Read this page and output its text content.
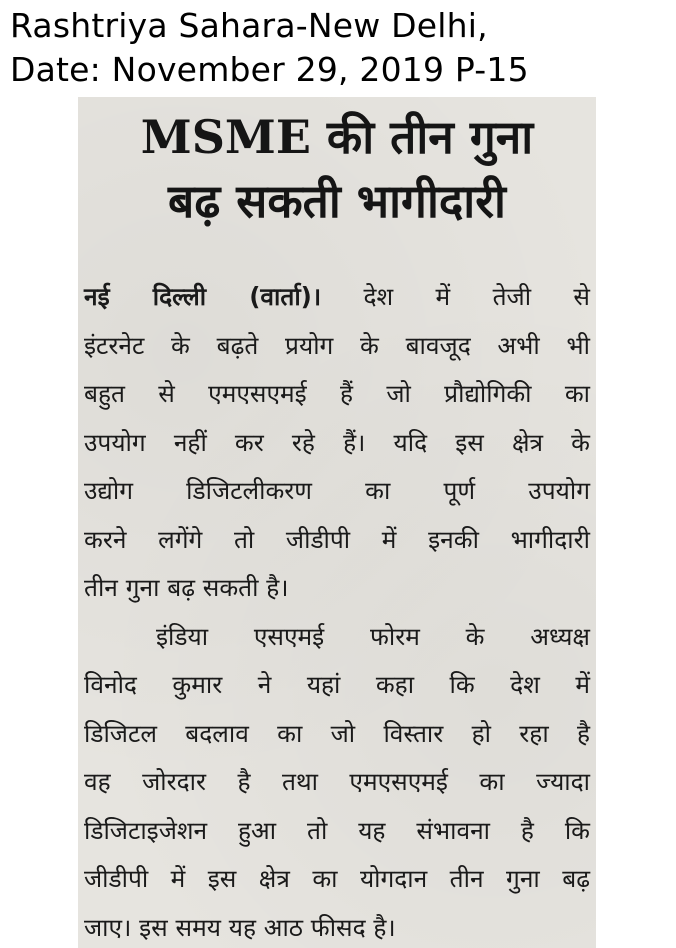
Rashtriya Sahara-New Delhi,
Date: November 29, 2019 P-15
MSME की तीन गुना
बढ़ सकती भागीदारी
नई दिल्ली (वार्ता)। देश में तेजी से
इंटरनेट के बढ़ते प्रयोग के बावजूद अभी भी
बहुत से एमएसएमई हैं जो प्रौद्योगिकी का
उपयोग नहीं कर रहे हैं। यदि इस क्षेत्र के
उद्योग डिजिटलीकरण का पूर्ण उपयोग
करने लगेंगे तो जीडीपी में इनकी भागीदारी
तीन गुना बढ़ सकती है।
इंडिया एसएमई फोरम के अध्यक्ष
विनोद कुमार ने यहां कहा कि देश में
डिजिटल बदलाव का जो विस्तार हो रहा है
वह जोरदार है तथा एमएसएमई का ज्यादा
डिजिटाइजेशन हुआ तो यह संभावना है कि
जीडीपी में इस क्षेत्र का योगदान तीन गुना बढ़
जाए। इस समय यह आठ फीसद है।
